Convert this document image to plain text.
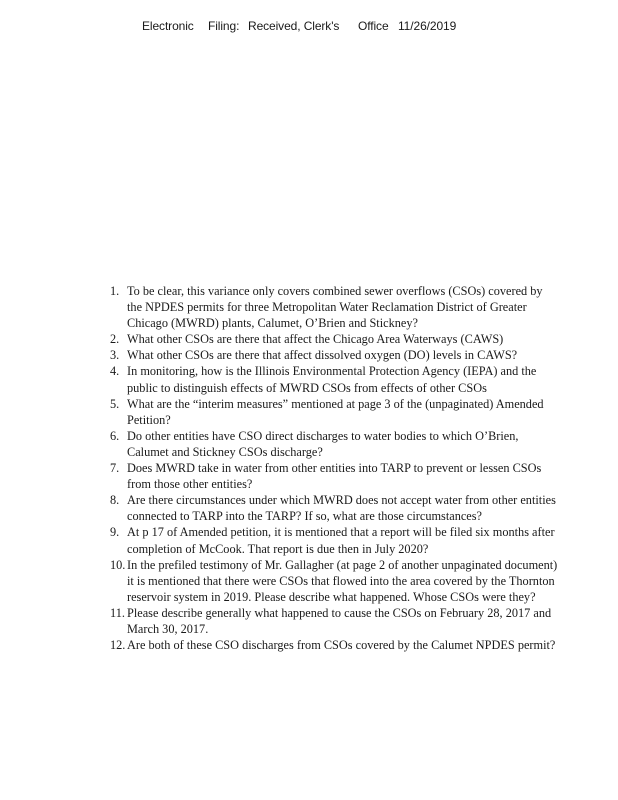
Electronic Filing: Received, Clerk's Office 11/26/2019
1. To be clear, this variance only covers combined sewer overflows (CSOs) covered by the NPDES permits for three Metropolitan Water Reclamation District of Greater Chicago (MWRD) plants, Calumet, O’Brien and Stickney?
2. What other CSOs are there that affect the Chicago Area Waterways (CAWS)
3. What other CSOs are there that affect dissolved oxygen (DO) levels in CAWS?
4. In monitoring, how is the Illinois Environmental Protection Agency (IEPA) and the public to distinguish effects of MWRD CSOs from effects of other CSOs
5. What are the “interim measures” mentioned at page 3 of the (unpaginated) Amended Petition?
6. Do other entities have CSO direct discharges to water bodies to which O’Brien, Calumet and Stickney CSOs discharge?
7. Does MWRD take in water from other entities into TARP to prevent or lessen CSOs from those other entities?
8. Are there circumstances under which MWRD does not accept water from other entities connected to TARP into the TARP? If so, what are those circumstances?
9. At p 17 of Amended petition, it is mentioned that a report will be filed six months after completion of McCook. That report is due then in July 2020?
10. In the prefiled testimony of Mr. Gallagher (at page 2 of another unpaginated document) it is mentioned that there were CSOs that flowed into the area covered by the Thornton reservoir system in 2019. Please describe what happened. Whose CSOs were they?
11. Please describe generally what happened to cause the CSOs on February 28, 2017 and March 30, 2017.
12. Are both of these CSO discharges from CSOs covered by the Calumet NPDES permit?
